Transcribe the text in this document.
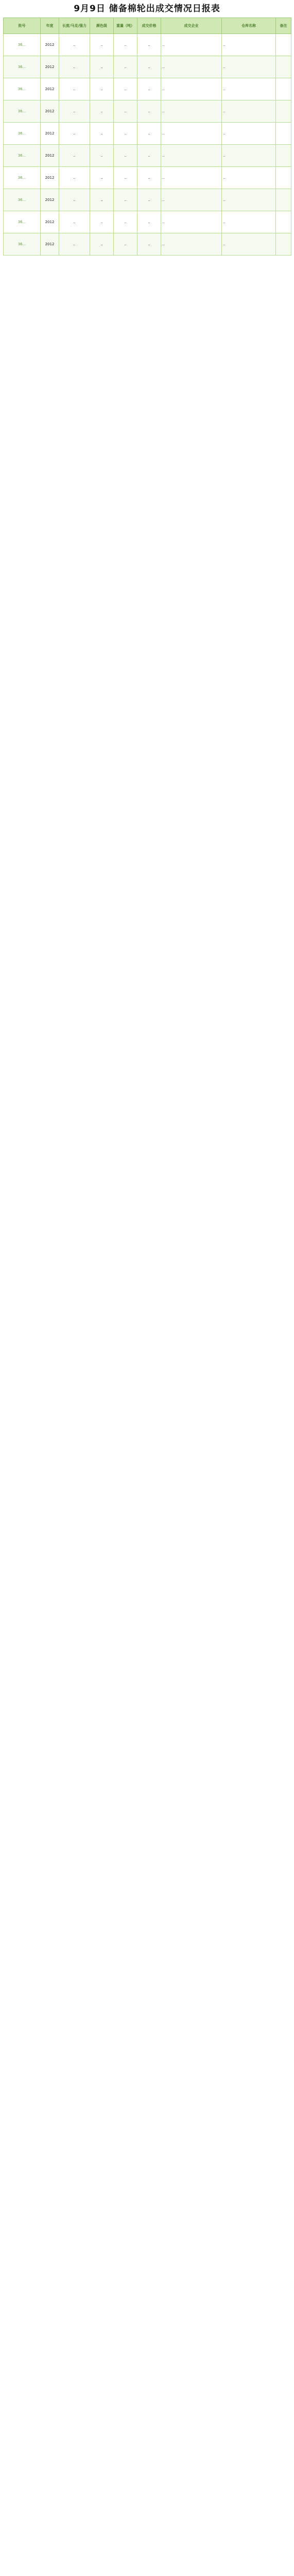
9月9日 储备棉轮出成交情况日报表
批号	年度	长度/马克/强力	颜色级	重量（吨）	成交价格	成交企业	仓库名称	备注
36...	2012	..	..	..	..	..	..	
36...	2012	..	..	..	..	..	..	
36...	2012	..	..	..	..	..	..	
36...	2012	..	..	..	..	..	..	
36...	2012	..	..	..	..	..	..	
36...	2012	..	..	..	..	..	..	
36...	2012	..	..	..	..	..	..	
36...	2012	..	..	..	..	..	..	
36...	2012	..	..	..	..	..	..	
36...	2012	..	..	..	..	..	..	
